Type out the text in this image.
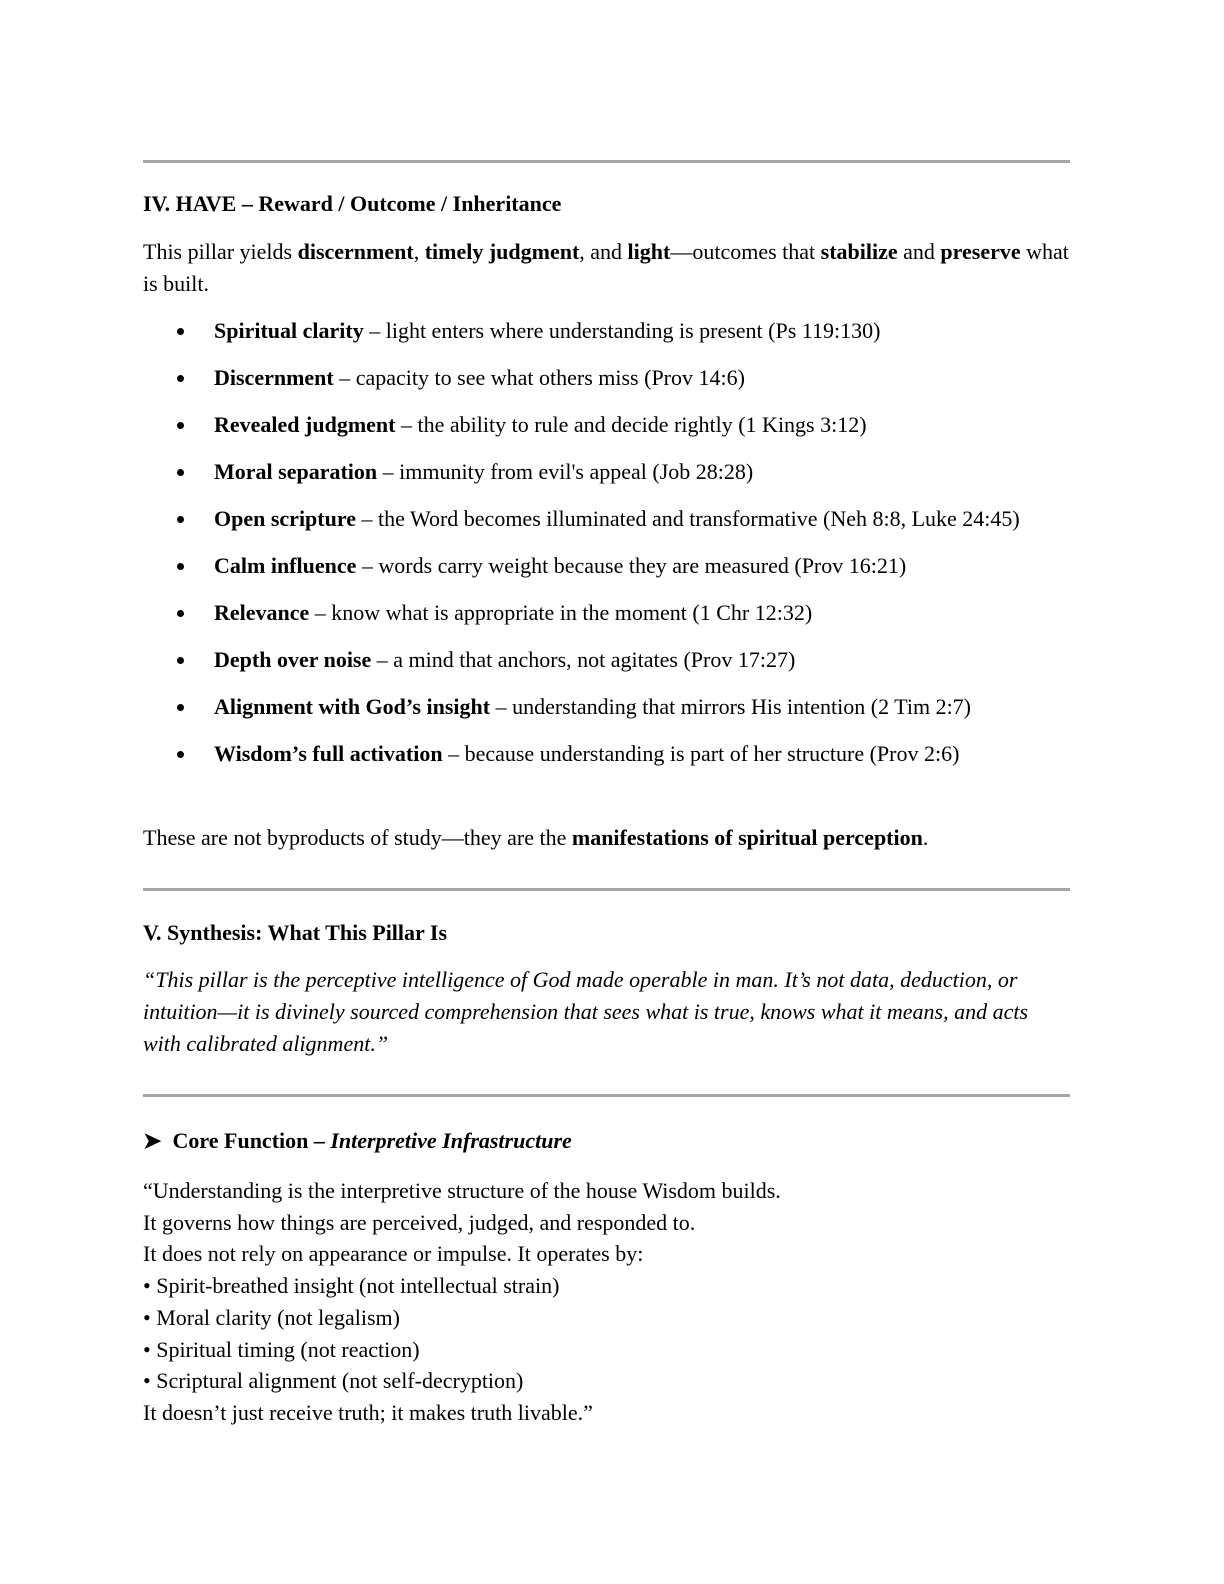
IV. HAVE – Reward / Outcome / Inheritance

This pillar yields discernment, timely judgment, and light—outcomes that stabilize and preserve what is built.

Spiritual clarity – light enters where understanding is present (Ps 119:130)
Discernment – capacity to see what others miss (Prov 14:6)
Revealed judgment – the ability to rule and decide rightly (1 Kings 3:12)
Moral separation – immunity from evil's appeal (Job 28:28)
Open scripture – the Word becomes illuminated and transformative (Neh 8:8, Luke 24:45)
Calm influence – words carry weight because they are measured (Prov 16:21)
Relevance – know what is appropriate in the moment (1 Chr 12:32)
Depth over noise – a mind that anchors, not agitates (Prov 17:27)
Alignment with God’s insight – understanding that mirrors His intention (2 Tim 2:7)
Wisdom’s full activation – because understanding is part of her structure (Prov 2:6)

These are not byproducts of study—they are the manifestations of spiritual perception.

V. Synthesis: What This Pillar Is

“This pillar is the perceptive intelligence of God made operable in man. It’s not data, deduction, or intuition—it is divinely sourced comprehension that sees what is true, knows what it means, and acts with calibrated alignment.”

➤ Core Function – Interpretive Infrastructure
“Understanding is the interpretive structure of the house Wisdom builds.
It governs how things are perceived, judged, and responded to.
It does not rely on appearance or impulse. It operates by:
• Spirit-breathed insight (not intellectual strain)
• Moral clarity (not legalism)
• Spiritual timing (not reaction)
• Scriptural alignment (not self-decryption)
It doesn’t just receive truth; it makes truth livable.”
